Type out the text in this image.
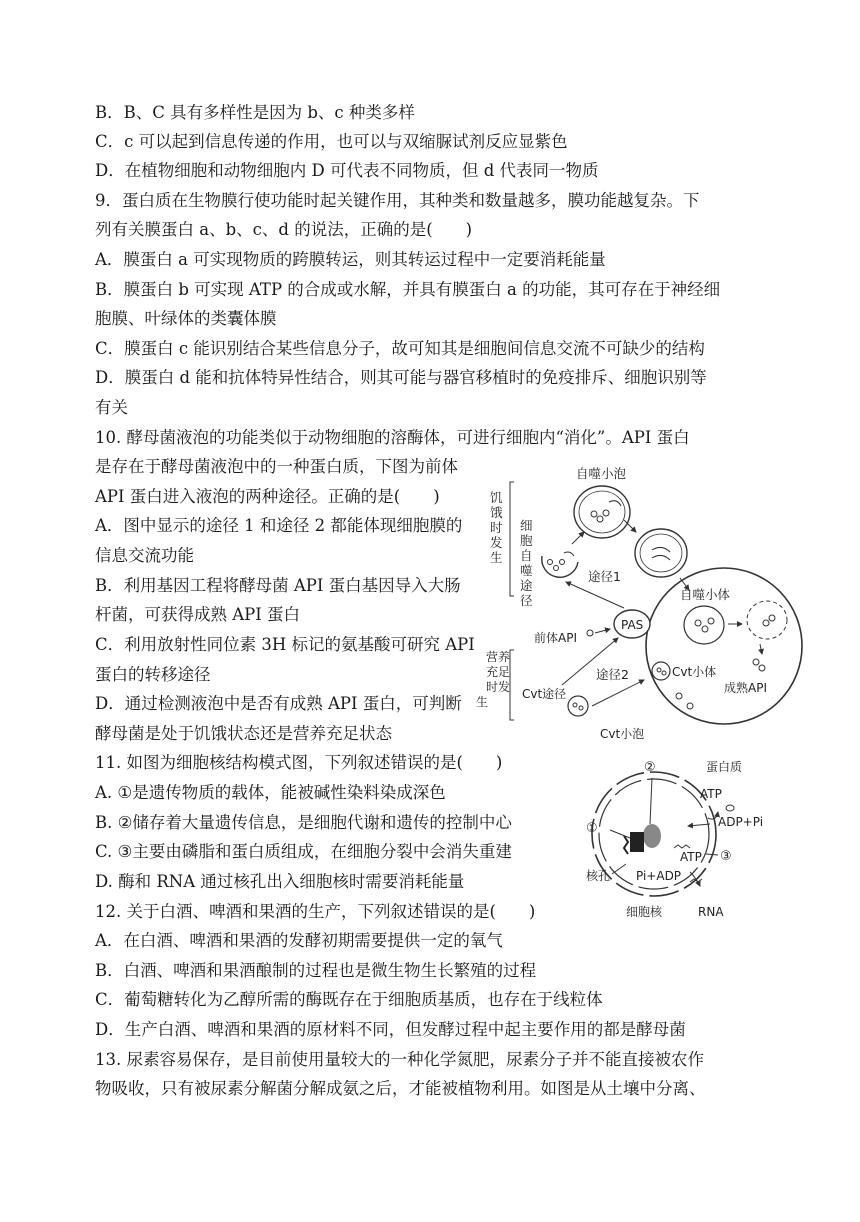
B．B、C 具有多样性是因为 b、c 种类多样
C．c 可以起到信息传递的作用，也可以与双缩脲试剂反应显紫色
D．在植物细胞和动物细胞内 D 可代表不同物质，但 d 代表同一物质
9．蛋白质在生物膜行使功能时起关键作用，其种类和数量越多，膜功能越复杂。下
列有关膜蛋白 a、b、c、d 的说法，正确的是(　　)
A．膜蛋白 a 可实现物质的跨膜转运，则其转运过程中一定要消耗能量
B．膜蛋白 b 可实现 ATP 的合成或水解，并具有膜蛋白 a 的功能，其可存在于神经细
胞膜、叶绿体的类囊体膜
C．膜蛋白 c 能识别结合某些信息分子，故可知其是细胞间信息交流不可缺少的结构
D．膜蛋白 d 能和抗体特异性结合，则其可能与器官移植时的免疫排斥、细胞识别等
有关
10. 酵母菌液泡的功能类似于动物细胞的溶酶体，可进行细胞内“消化”。API 蛋白
是存在于酵母菌液泡中的一种蛋白质，下图为前体
API 蛋白进入液泡的两种途径。正确的是(　　)
A．图中显示的途径 1 和途径 2 都能体现细胞膜的
信息交流功能
B．利用基因工程将酵母菌 API 蛋白基因导入大肠
杆菌，可获得成熟 API 蛋白
C．利用放射性同位素 3H 标记的氨基酸可研究 API
蛋白的转移途径
D．通过检测液泡中是否有成熟 API 蛋白，可判断
酵母菌是处于饥饿状态还是营养充足状态
11. 如图为细胞核结构模式图，下列叙述错误的是(　　)
A. ①是遗传物质的载体，能被碱性染料染成深色
B. ②储存着大量遗传信息，是细胞代谢和遗传的控制中心
C. ③主要由磷脂和蛋白质组成，在细胞分裂中会消失重建
D. 酶和 RNA 通过核孔出入细胞核时需要消耗能量
12. 关于白酒、啤酒和果酒的生产，下列叙述错误的是(　　)
A．在白酒、啤酒和果酒的发酵初期需要提供一定的氧气
B．白酒、啤酒和果酒酿制的过程也是微生物生长繁殖的过程
C．葡萄糖转化为乙醇所需的酶既存在于细胞质基质，也存在于线粒体
D．生产白酒、啤酒和果酒的原材料不同，但发酵过程中起主要作用的都是酵母菌
13. 尿素容易保存，是目前使用量较大的一种化学氮肥，尿素分子并不能直接被农作
物吸收，只有被尿素分解菌分解成氨之后，才能被植物利用。如图是从土壤中分离、
饥
饿
时
发
生
细
胞
自
噬
途
径
营养
充足
时发
生
自噬小泡
途径1
PAS
自噬小体
前体API
途径2	Cvt小体
成熟API
Cvt途径
Cvt小泡
②
①
蛋白质
ATP
ADP+Pi
ATP ③
核孔 Pi+ADP
细胞核	RNA
